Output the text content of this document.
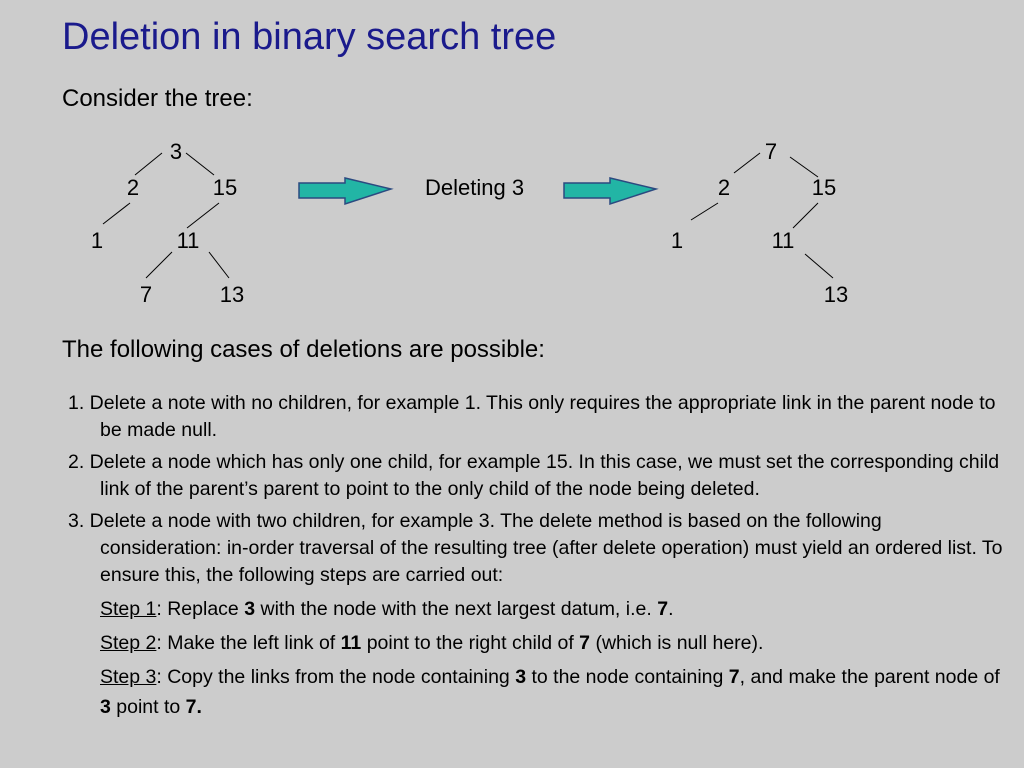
Deletion in binary search tree
Consider the tree:
3
2	15
1	11
7	13
Deleting 3
7
2	15
1	11
13
The following cases of deletions are possible:

1. Delete a note with no children, for example 1. This only requires the appropriate link in the parent node to be made null.

2. Delete a node which has only one child, for example 15. In this case, we must set the corresponding child link of the parent’s parent to point to the only child of the node being deleted.

3. Delete a node with two children, for example 3. The delete method is based on the following consideration: in-order traversal of the resulting tree (after delete operation) must yield an ordered list. To ensure this, the following steps are carried out:

Step 1: Replace 3 with the node with the next largest datum, i.e. 7.

Step 2: Make the left link of 11 point to the right child of 7 (which is null here).

Step 3: Copy the links from the node containing 3 to the node containing 7, and make the parent node of 3 point to 7.
